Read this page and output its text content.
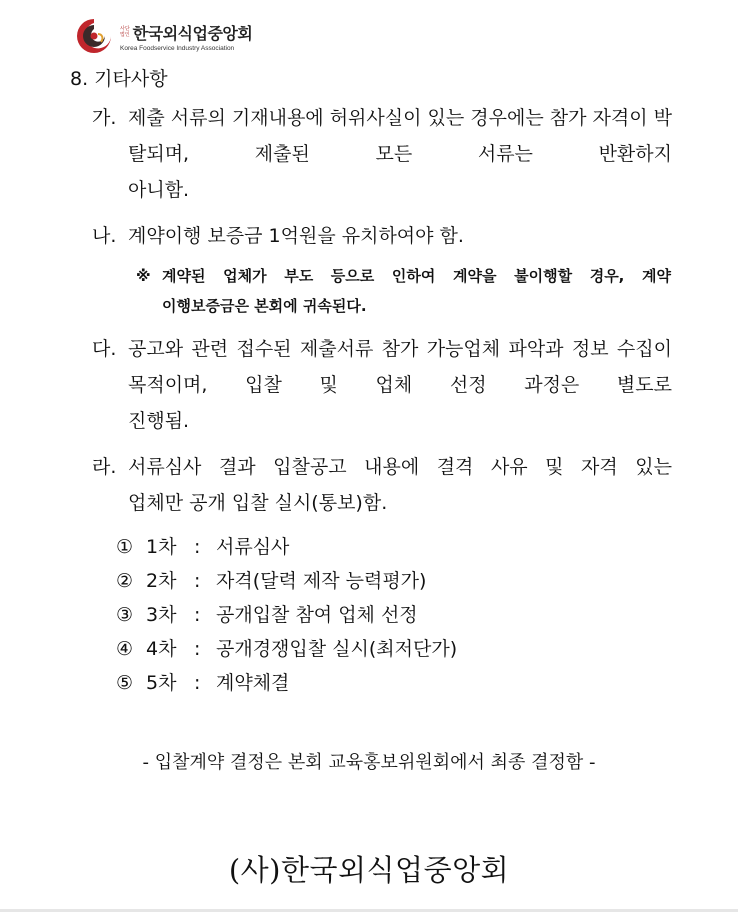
사단
법인 한국외식업중앙회
Korea Foodservice Industry Association
8. 기타사항
가. 제출 서류의 기재내용에 허위사실이 있는 경우에는 참가 자격이 박탈되며, 제출된 모든 서류는 반환하지
아니함.
나. 계약이행 보증금 1억원을 유치하여야 함.
※ 계약된 업체가 부도 등으로 인하여 계약을 불이행할 경우, 계약
이행보증금은 본회에 귀속된다.
다. 공고와 관련 접수된 제출서류 참가 가능업체 파악과 정보 수집이 목적이며, 입찰 및 업체 선정 과정은 별도로
진행됨.
라. 서류심사 결과 입찰공고 내용에 결격 사유 및 자격 있는
업체만 공개 입찰 실시(통보)함.
① 1차 : 서류심사
② 2차 : 자격(달력 제작 능력평가)
③ 3차 : 공개입찰 참여 업체 선정
④ 4차 : 공개경쟁입찰 실시(최저단가)
⑤ 5차 : 계약체결
- 입찰계약 결정은 본회 교육홍보위원회에서 최종 결정함 -
(사)한국외식업중앙회
